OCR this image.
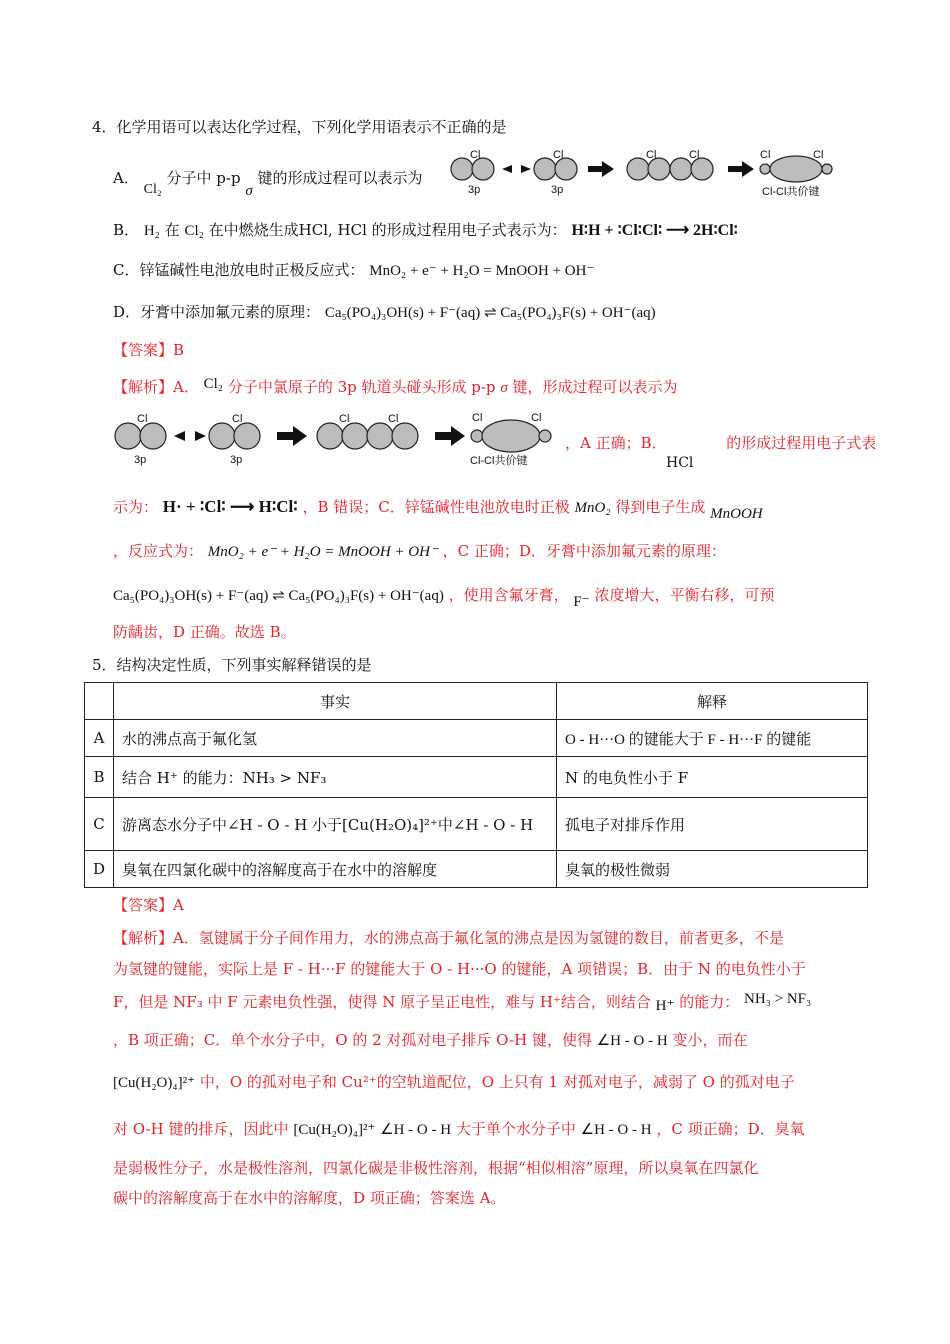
4．化学用语可以表达化学过程，下列化学用语表示不正确的是
A． Cl₂ 分子中 p-p σ 键的形成过程可以表示为
Cl
3p
Cl
3p
Cl	Cl	Cl	Cl
Cl-Cl共价键
B． H₂ 在 Cl₂ 在中燃烧生成HCl, HCl 的形成过程用电子式表示为： H∶H + ∶Cl∶Cl∶ ⟶ 2H∶Cl∶
C．锌锰碱性电池放电时正极反应式： MnO₂ + e⁻ + H₂O = MnOOH + OH⁻
D．牙膏中添加氟元素的原理： Ca₅(PO₄)₃OH(s) + F⁻(aq) ⇌ Ca₅(PO₄)₃F(s) + OH⁻(aq)
【答案】B
【解析】A． Cl₂ 分子中氯原子的 3p 轨道头碰头形成 p-p σ 键，形成过程可以表示为
Cl
3p
Cl
3p
Cl	Cl	Cl	Cl
Cl-Cl共价键
，A 正确；B．	的形成过程用电子式表
HCl
示为： H· + ∶Cl∶ ⟶ H∶Cl∶ ，B 错误；C．锌锰碱性电池放电时正极 MnO₂ 得到电子生成 MnOOH
，反应式为： MnO₂ + e⁻ + H₂O = MnOOH + OH⁻ ，C 正确；D．牙膏中添加氟元素的原理：
Ca₅(PO₄)₃OH(s) + F⁻(aq) ⇌ Ca₅(PO₄)₃F(s) + OH⁻(aq) ，使用含氟牙膏， F⁻ 浓度增大，平衡右移，可预
防龋齿，D 正确。故选 B。
5．结构决定性质，下列事实解释错误的是
	事实	解释
A	水的沸点高于氟化氢	O - H···O 的键能大于 F - H···F 的键能
B	结合 H⁺ 的能力：NH₃ > NF₃	N 的电负性小于 F
C	游离态水分子中∠H - O - H 小于[Cu(H₂O)₄]²⁺中∠H - O - H	孤电子对排斥作用
D	臭氧在四氯化碳中的溶解度高于在水中的溶解度	臭氧的极性微弱
【答案】A
【解析】A．氢键属于分子间作用力，水的沸点高于氟化氢的沸点是因为氢键的数目，前者更多，不是
为氢键的键能，实际上是 F - H···F 的键能大于 O - H···O 的键能，A 项错误；B．由于 N 的电负性小于
F，但是 NF₃ 中 F 元素电负性强，使得 N 原子呈正电性，难与 H⁺结合，则结合 H⁺ 的能力： NH₃ > NF₃
，B 项正确；C．单个水分子中，O 的 2 对孤对电子排斥 O-H 键，使得 ∠H - O - H 变小，而在
[Cu(H₂O)₄]²⁺ 中，O 的孤对电子和 Cu²⁺的空轨道配位，O 上只有 1 对孤对电子，减弱了 O 的孤对电子
对 O-H 键的排斥，因此中 [Cu(H₂O)₄]²⁺ ∠H - O - H 大于单个水分子中 ∠H - O - H ，C 项正确；D．臭氧
是弱极性分子，水是极性溶剂，四氯化碳是非极性溶剂，根据“相似相溶”原理，所以臭氧在四氯化
碳中的溶解度高于在水中的溶解度，D 项正确；答案选 A。
